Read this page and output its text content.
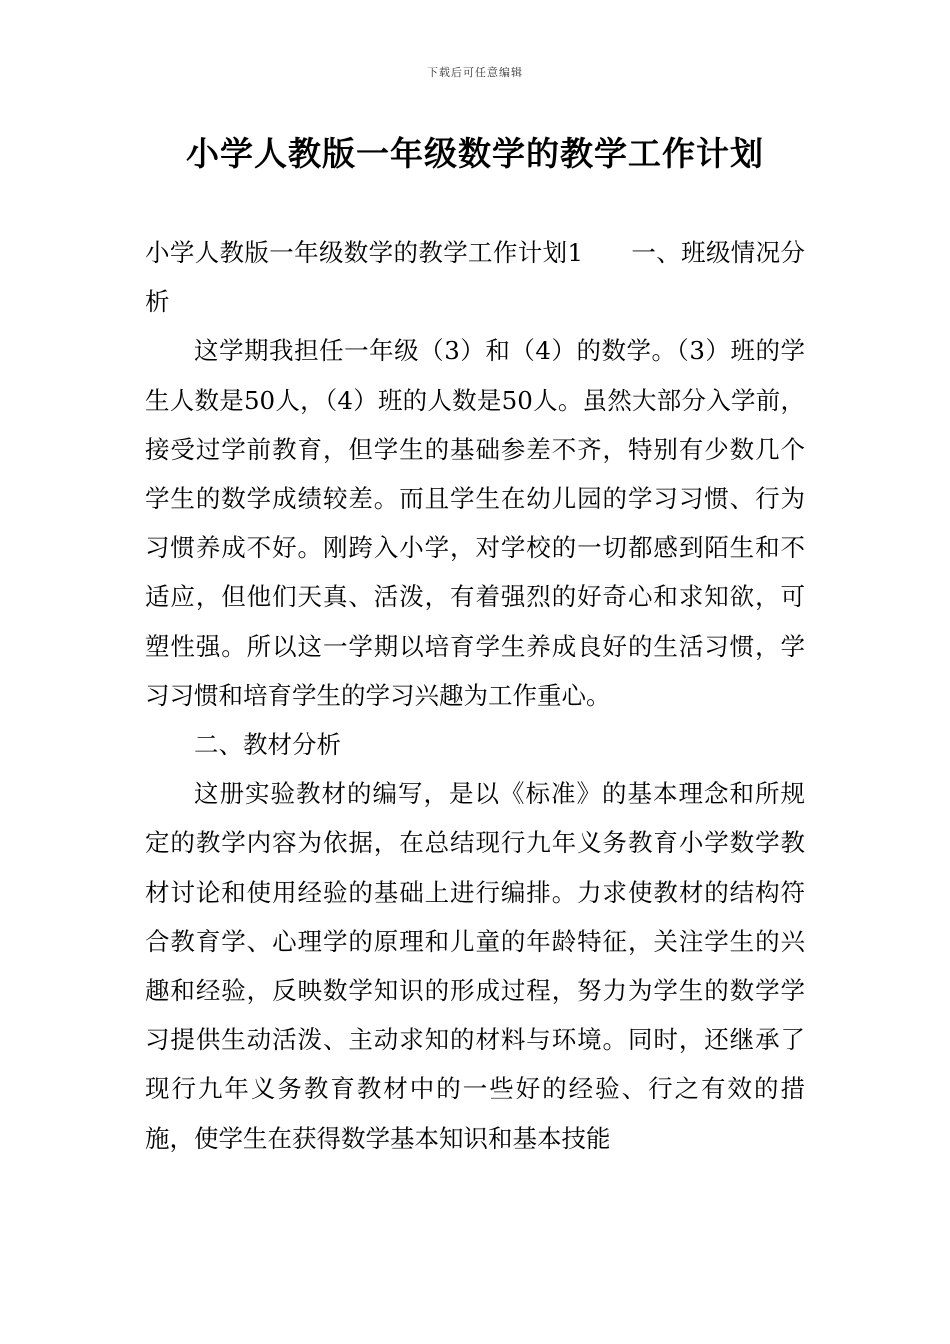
下载后可任意编辑
小学人教版一年级数学的教学工作计划

小学人教版一年级数学的教学工作计划1 一、班级情况分析

这学期我担任一年级（3）和（4）的数学。（3）班的学生人数是50人，（4）班的人数是50人。虽然大部分入学前，接受过学前教育，但学生的基础参差不齐，特别有少数几个学生的数学成绩较差。而且学生在幼儿园的学习习惯、行为习惯养成不好。刚跨入小学，对学校的一切都感到陌生和不适应，但他们天真、活泼，有着强烈的好奇心和求知欲，可塑性强。所以这一学期以培育学生养成良好的生活习惯，学习习惯和培育学生的学习兴趣为工作重心。

二、教材分析

这册实验教材的编写，是以《标准》的基本理念和所规定的教学内容为依据，在总结现行九年义务教育小学数学教材讨论和使用经验的基础上进行编排。力求使教材的结构符合教育学、心理学的原理和儿童的年龄特征，关注学生的兴趣和经验，反映数学知识的形成过程，努力为学生的数学学习提供生动活泼、主动求知的材料与环境。同时，还继承了现行九年义务教育教材中的一些好的经验、行之有效的措施，使学生在获得数学基本知识和基本技能
